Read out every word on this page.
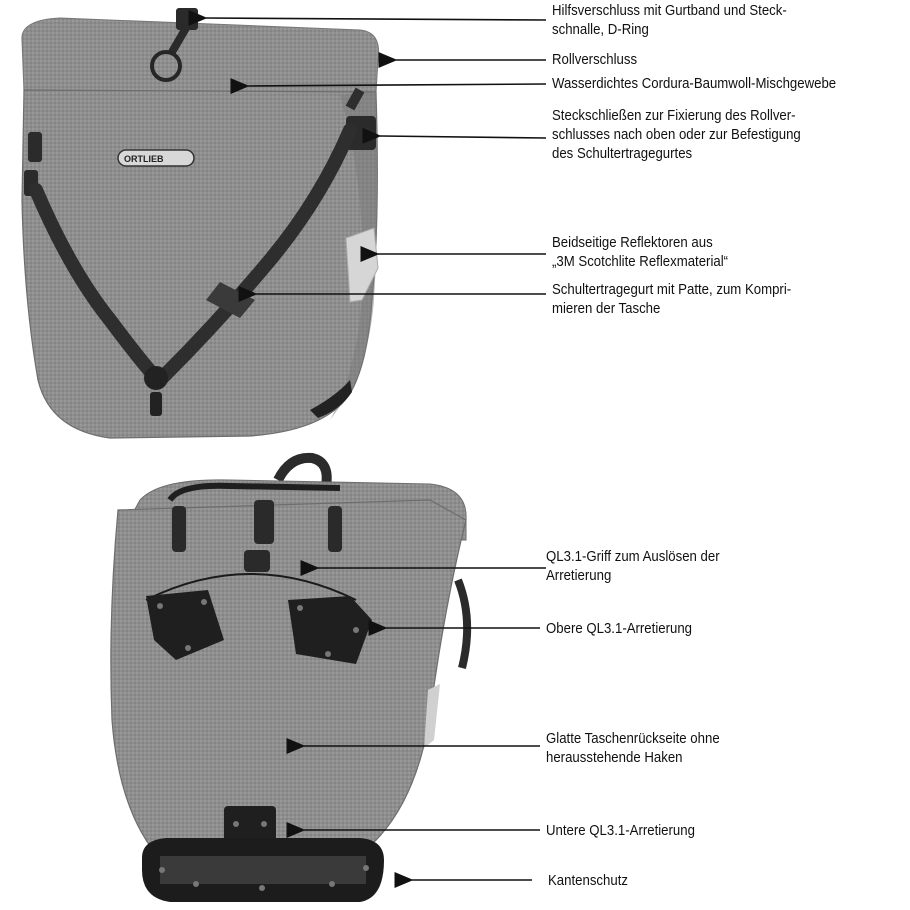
ORTLIEB
Hilfsverschluss mit Gurtband und Steck-
schnalle, D-Ring
Rollverschluss
Wasserdichtes Cordura-Baumwoll-Mischgewebe
Steckschließen zur Fixierung des Rollver-
schlusses nach oben oder zur Befestigung
des Schultertragegurtes
Beidseitige Reflektoren aus
„3M Scotchlite Reflexmaterial“
Schultertragegurt mit Patte, zum Kompri-
mieren der Tasche
QL3.1-Griff zum Auslösen der
Arretierung
Obere QL3.1-Arretierung
Glatte Taschenrückseite ohne
herausstehende Haken
Untere QL3.1-Arretierung
Kantenschutz
